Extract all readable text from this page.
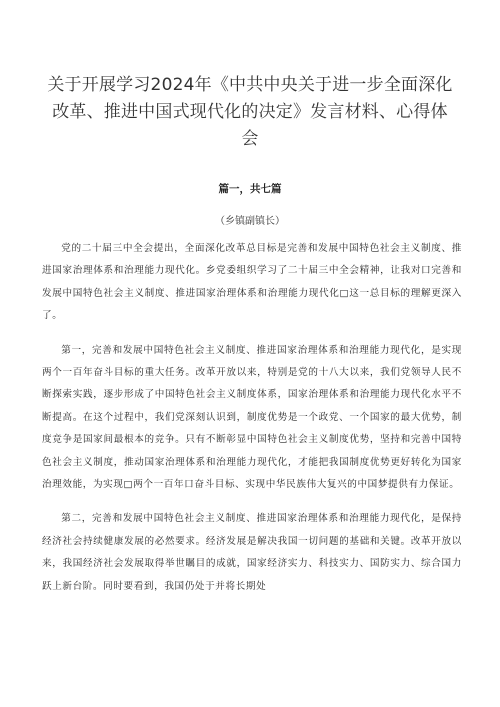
关于开展学习2024年《中共中央关于进一步全面深化
改革、推进中国式现代化的决定》发言材料、心得体
会
篇一，共七篇
（乡镇副镇长）

党的二十届三中全会提出，全面深化改革总目标是完善和发展中国特色社会主义制度、推进国家治理体系和治理能力现代化。乡党委组织学习了二十届三中全会精神，让我对口完善和发展中国特色社会主义制度、推进国家治理体系和治理能力现代化□这一总目标的理解更深入了。

第一，完善和发展中国特色社会主义制度、推进国家治理体系和治理能力现代化，是实现两个一百年奋斗目标的重大任务。改革开放以来，特别是党的十八大以来，我们党领导人民不断探索实践，逐步形成了中国特色社会主义制度体系，国家治理体系和治理能力现代化水平不断提高。在这个过程中，我们党深刻认识到，制度优势是一个政党、一个国家的最大优势，制度竞争是国家间最根本的竞争。只有不断彰显中国特色社会主义制度优势，坚持和完善中国特色社会主义制度，推动国家治理体系和治理能力现代化，才能把我国制度优势更好转化为国家治理效能，为实现□两个一百年口奋斗目标、实现中华民族伟大复兴的中国梦提供有力保证。

第二，完善和发展中国特色社会主义制度、推进国家治理体系和治理能力现代化，是保持经济社会持续健康发展的必然要求。经济发展是解决我国一切问题的基础和关键。改革开放以来，我国经济社会发展取得举世瞩目的成就，国家经济实力、科技实力、国防实力、综合国力跃上新台阶。同时要看到，我国仍处于并将长期处
